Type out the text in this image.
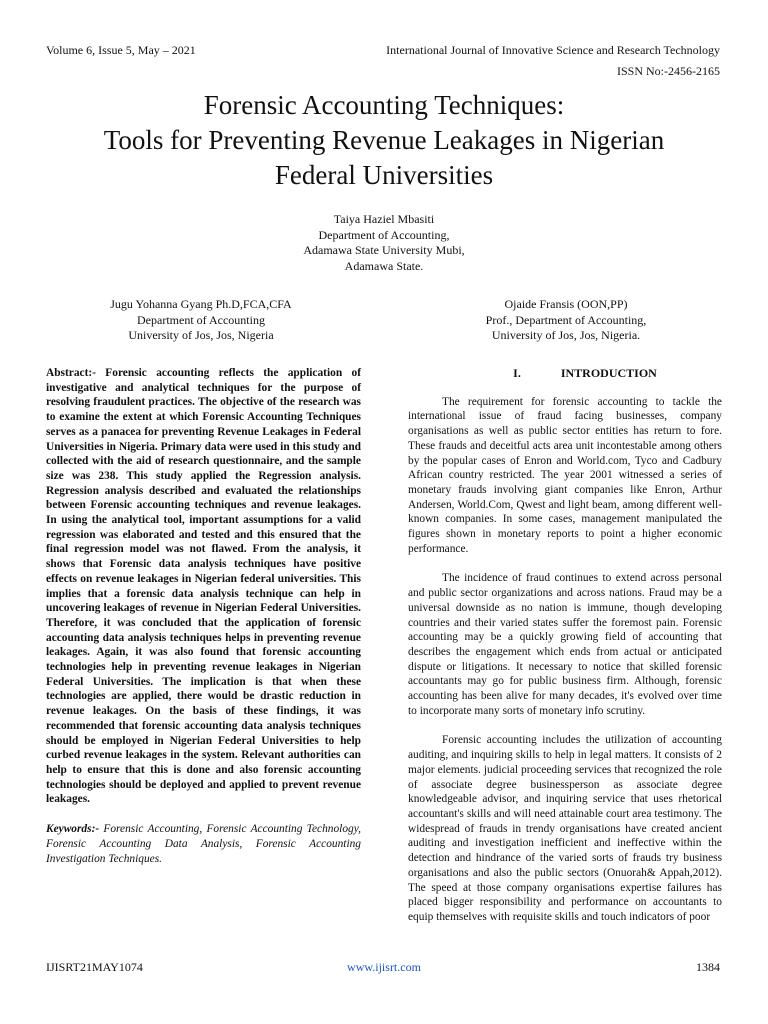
Volume 6, Issue 5, May – 2021	International Journal of Innovative Science and Research Technology
ISSN No:-2456-2165
Forensic Accounting Techniques:
Tools for Preventing Revenue Leakages in Nigerian
Federal Universities
Taiya Haziel Mbasiti
Department of Accounting,
Adamawa State University Mubi,
Adamawa State.
Jugu Yohanna Gyang Ph.D,FCA,CFA
Department of Accounting
University of Jos, Jos, Nigeria
Ojaide Fransis (OON,PP)
Prof., Department of Accounting,
University of Jos, Jos, Nigeria.

Abstract:- Forensic accounting reflects the application of investigative and analytical techniques for the purpose of resolving fraudulent practices. The objective of the research was to examine the extent at which Forensic Accounting Techniques serves as a panacea for preventing Revenue Leakages in Federal Universities in Nigeria. Primary data were used in this study and collected with the aid of research questionnaire, and the sample size was 238. This study applied the Regression analysis. Regression analysis described and evaluated the relationships between Forensic accounting techniques and revenue leakages. In using the analytical tool, important assumptions for a valid regression was elaborated and tested and this ensured that the final regression model was not flawed. From the analysis, it shows that Forensic data analysis techniques have positive effects on revenue leakages in Nigerian federal universities. This implies that a forensic data analysis technique can help in uncovering leakages of revenue in Nigerian Federal Universities. Therefore, it was concluded that the application of forensic accounting data analysis techniques helps in preventing revenue leakages. Again, it was also found that forensic accounting technologies help in preventing revenue leakages in Nigerian Federal Universities. The implication is that when these technologies are applied, there would be drastic reduction in revenue leakages. On the basis of these findings, it was recommended that forensic accounting data analysis techniques should be employed in Nigerian Federal Universities to help curbed revenue leakages in the system. Relevant authorities can help to ensure that this is done and also forensic accounting technologies should be deployed and applied to prevent revenue leakages.

Keywords:- Forensic Accounting, Forensic Accounting Technology, Forensic Accounting Data Analysis, Forensic Accounting Investigation Techniques.

I.	INTRODUCTION

The requirement for forensic accounting to tackle the international issue of fraud facing businesses, company organisations as well as public sector entities has return to fore. These frauds and deceitful acts area unit incontestable among others by the popular cases of Enron and World.com, Tyco and Cadbury African country restricted. The year 2001 witnessed a series of monetary frauds involving giant companies like Enron, Arthur Andersen, World.Com, Qwest and light beam, among different well-known companies. In some cases, management manipulated the figures shown in monetary reports to point a higher economic performance.

The incidence of fraud continues to extend across personal and public sector organizations and across nations. Fraud may be a universal downside as no nation is immune, though developing countries and their varied states suffer the foremost pain. Forensic accounting may be a quickly growing field of accounting that describes the engagement which ends from actual or anticipated dispute or litigations. It necessary to notice that skilled forensic accountants may go for public business firm. Although, forensic accounting has been alive for many decades, it's evolved over time to incorporate many sorts of monetary info scrutiny.

Forensic accounting includes the utilization of accounting auditing, and inquiring skills to help in legal matters. It consists of 2 major elements. judicial proceeding services that recognized the role of associate degree businessperson as associate degree knowledgeable advisor, and inquiring service that uses rhetorical accountant's skills and will need attainable court area testimony. The widespread of frauds in trendy organisations have created ancient auditing and investigation inefficient and ineffective within the detection and hindrance of the varied sorts of frauds try business organisations and also the public sectors (Onuorah& Appah,2012). The speed at those company organisations expertise failures has placed bigger responsibility and performance on accountants to equip themselves with requisite skills and touch indicators of poor

IJISRT21MAY1074	www.ijisrt.com	1384
